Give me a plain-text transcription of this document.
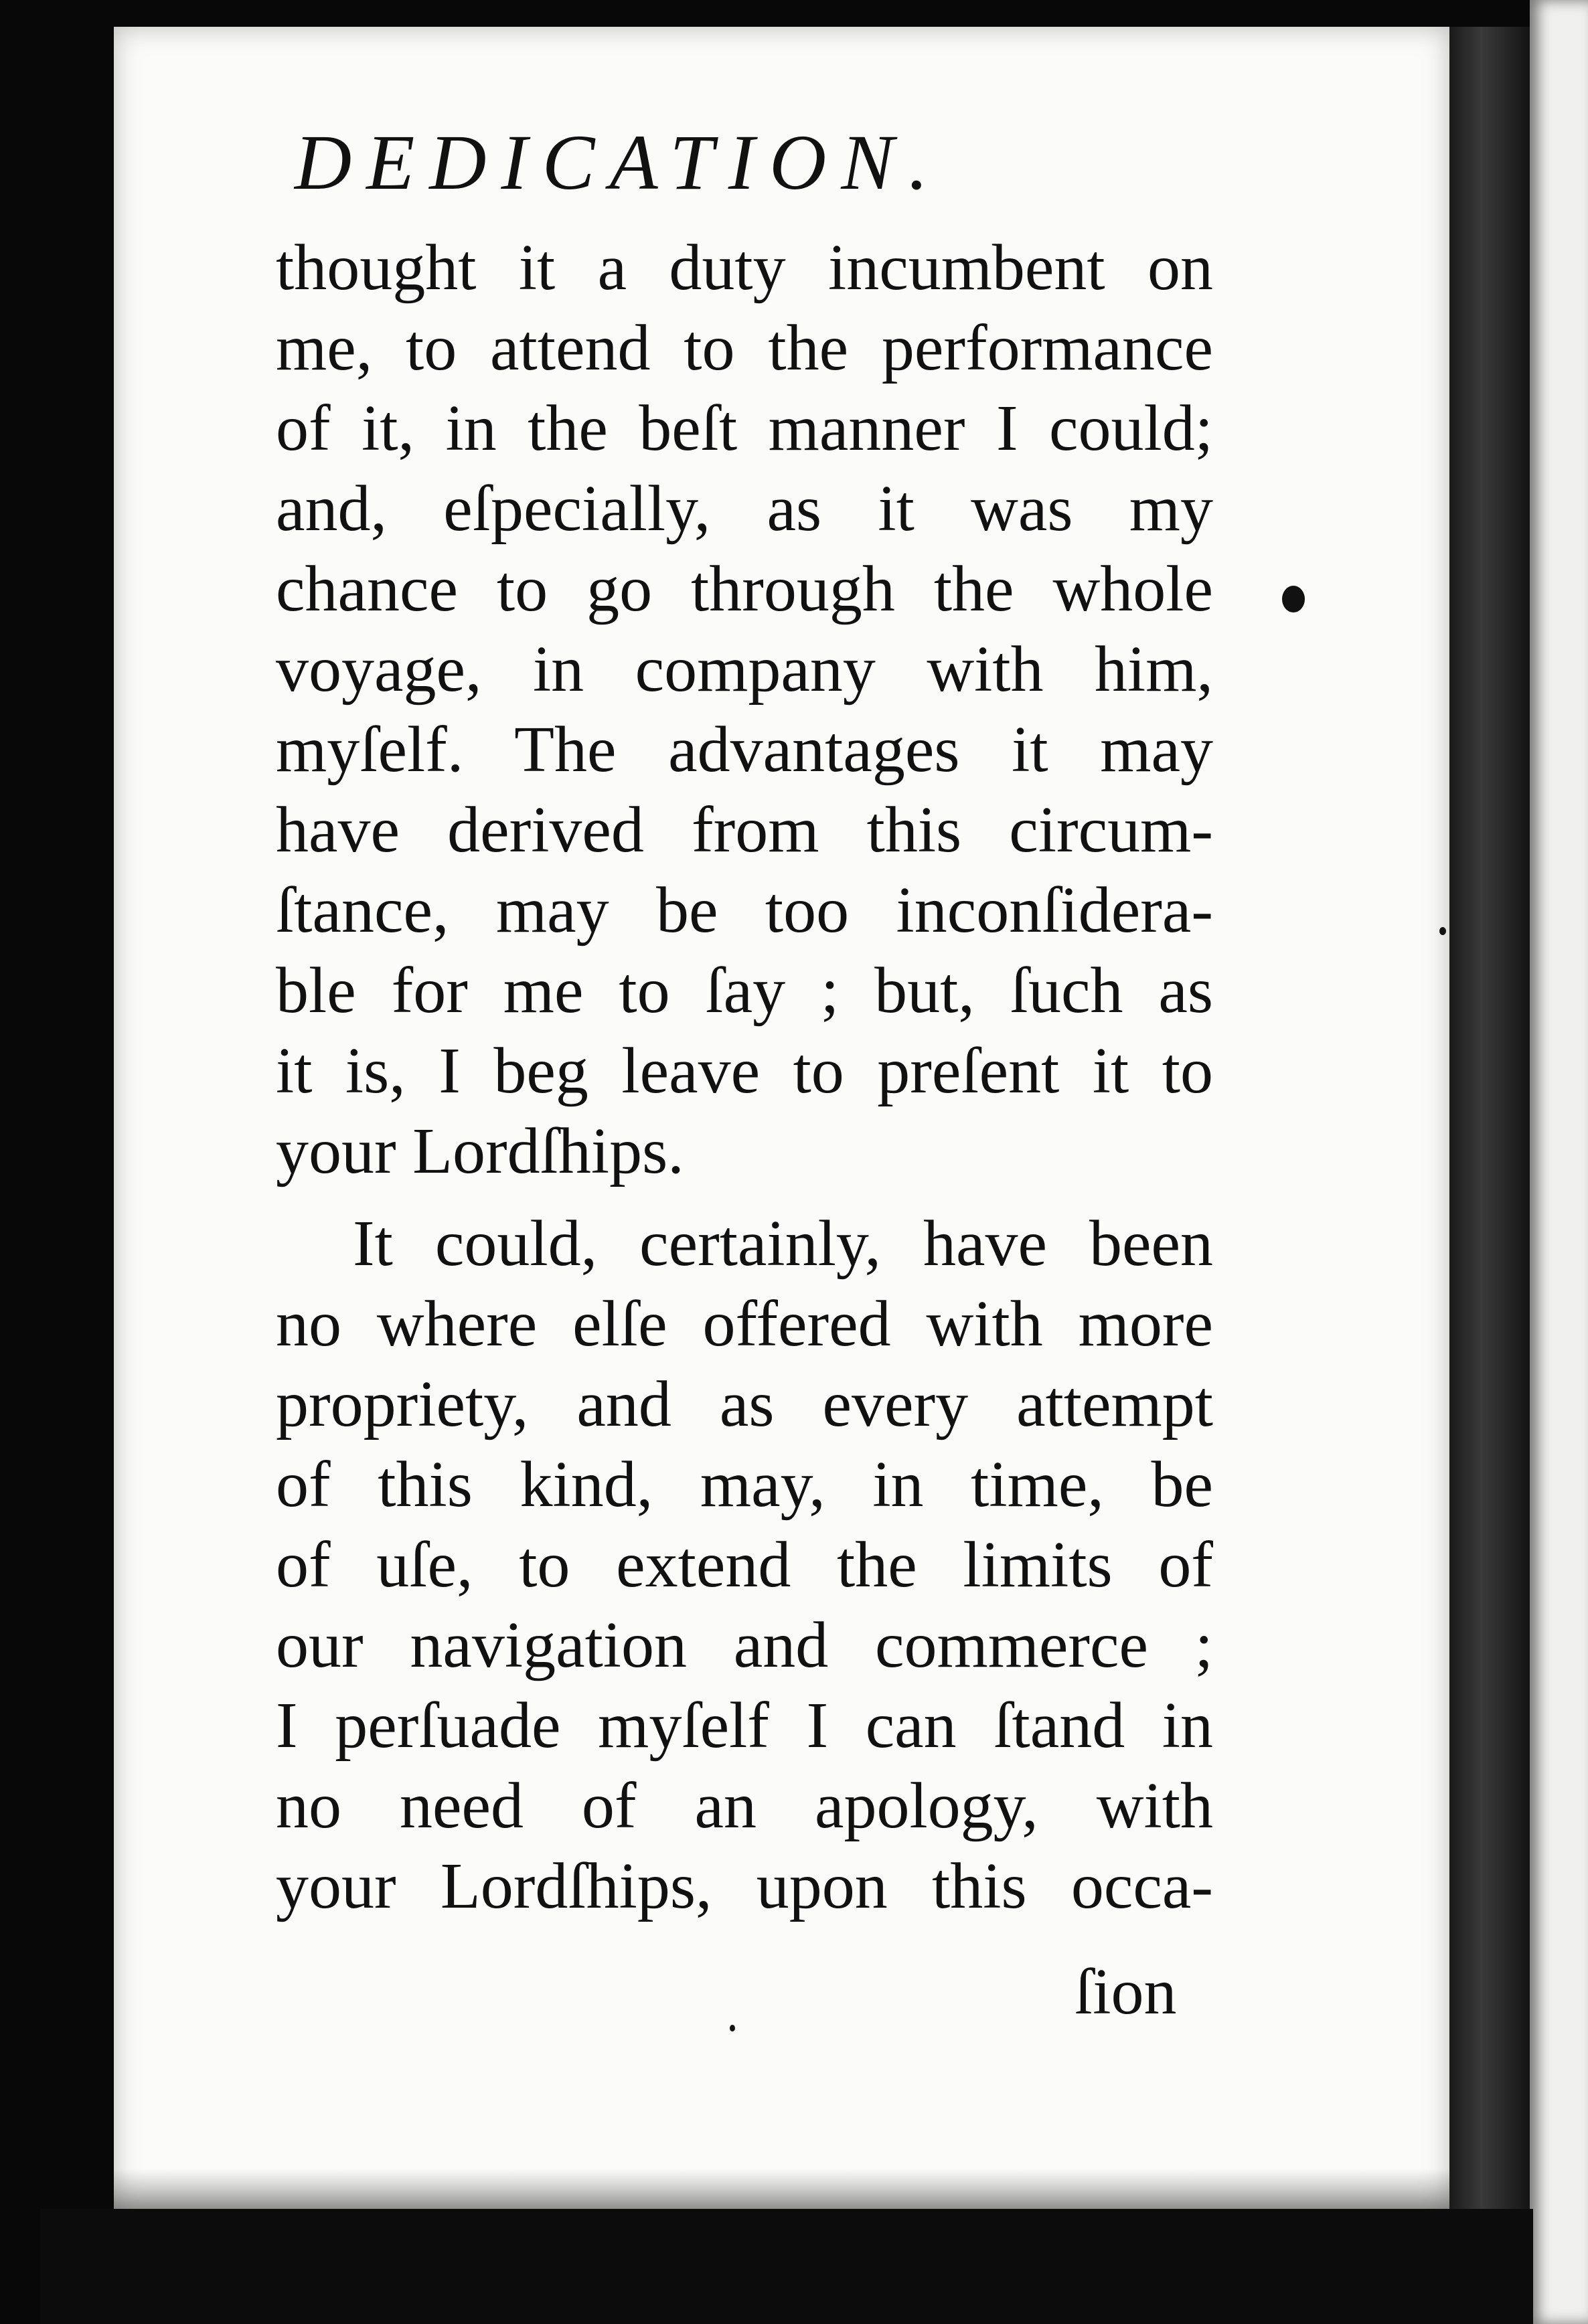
DEDICATION.
thought it a duty incumbent on
me, to attend to the performance
of it, in the beſt manner I could;
and, eſpecially, as it was my
chance to go through the whole
voyage, in company with him,
myſelf. The advantages it may
have derived from this circum-
ſtance, may be too inconſidera-
ble for me to ſay ; but, ſuch as
it is, I beg leave to preſent it to
your Lordſhips.
It could, certainly, have been
no where elſe offered with more
propriety, and as every attempt
of this kind, may, in time, be
of uſe, to extend the limits of
our navigation and commerce ;
I perſuade myſelf I can ſtand in
no need of an apology, with
your Lordſhips, upon this occa-
ſion
